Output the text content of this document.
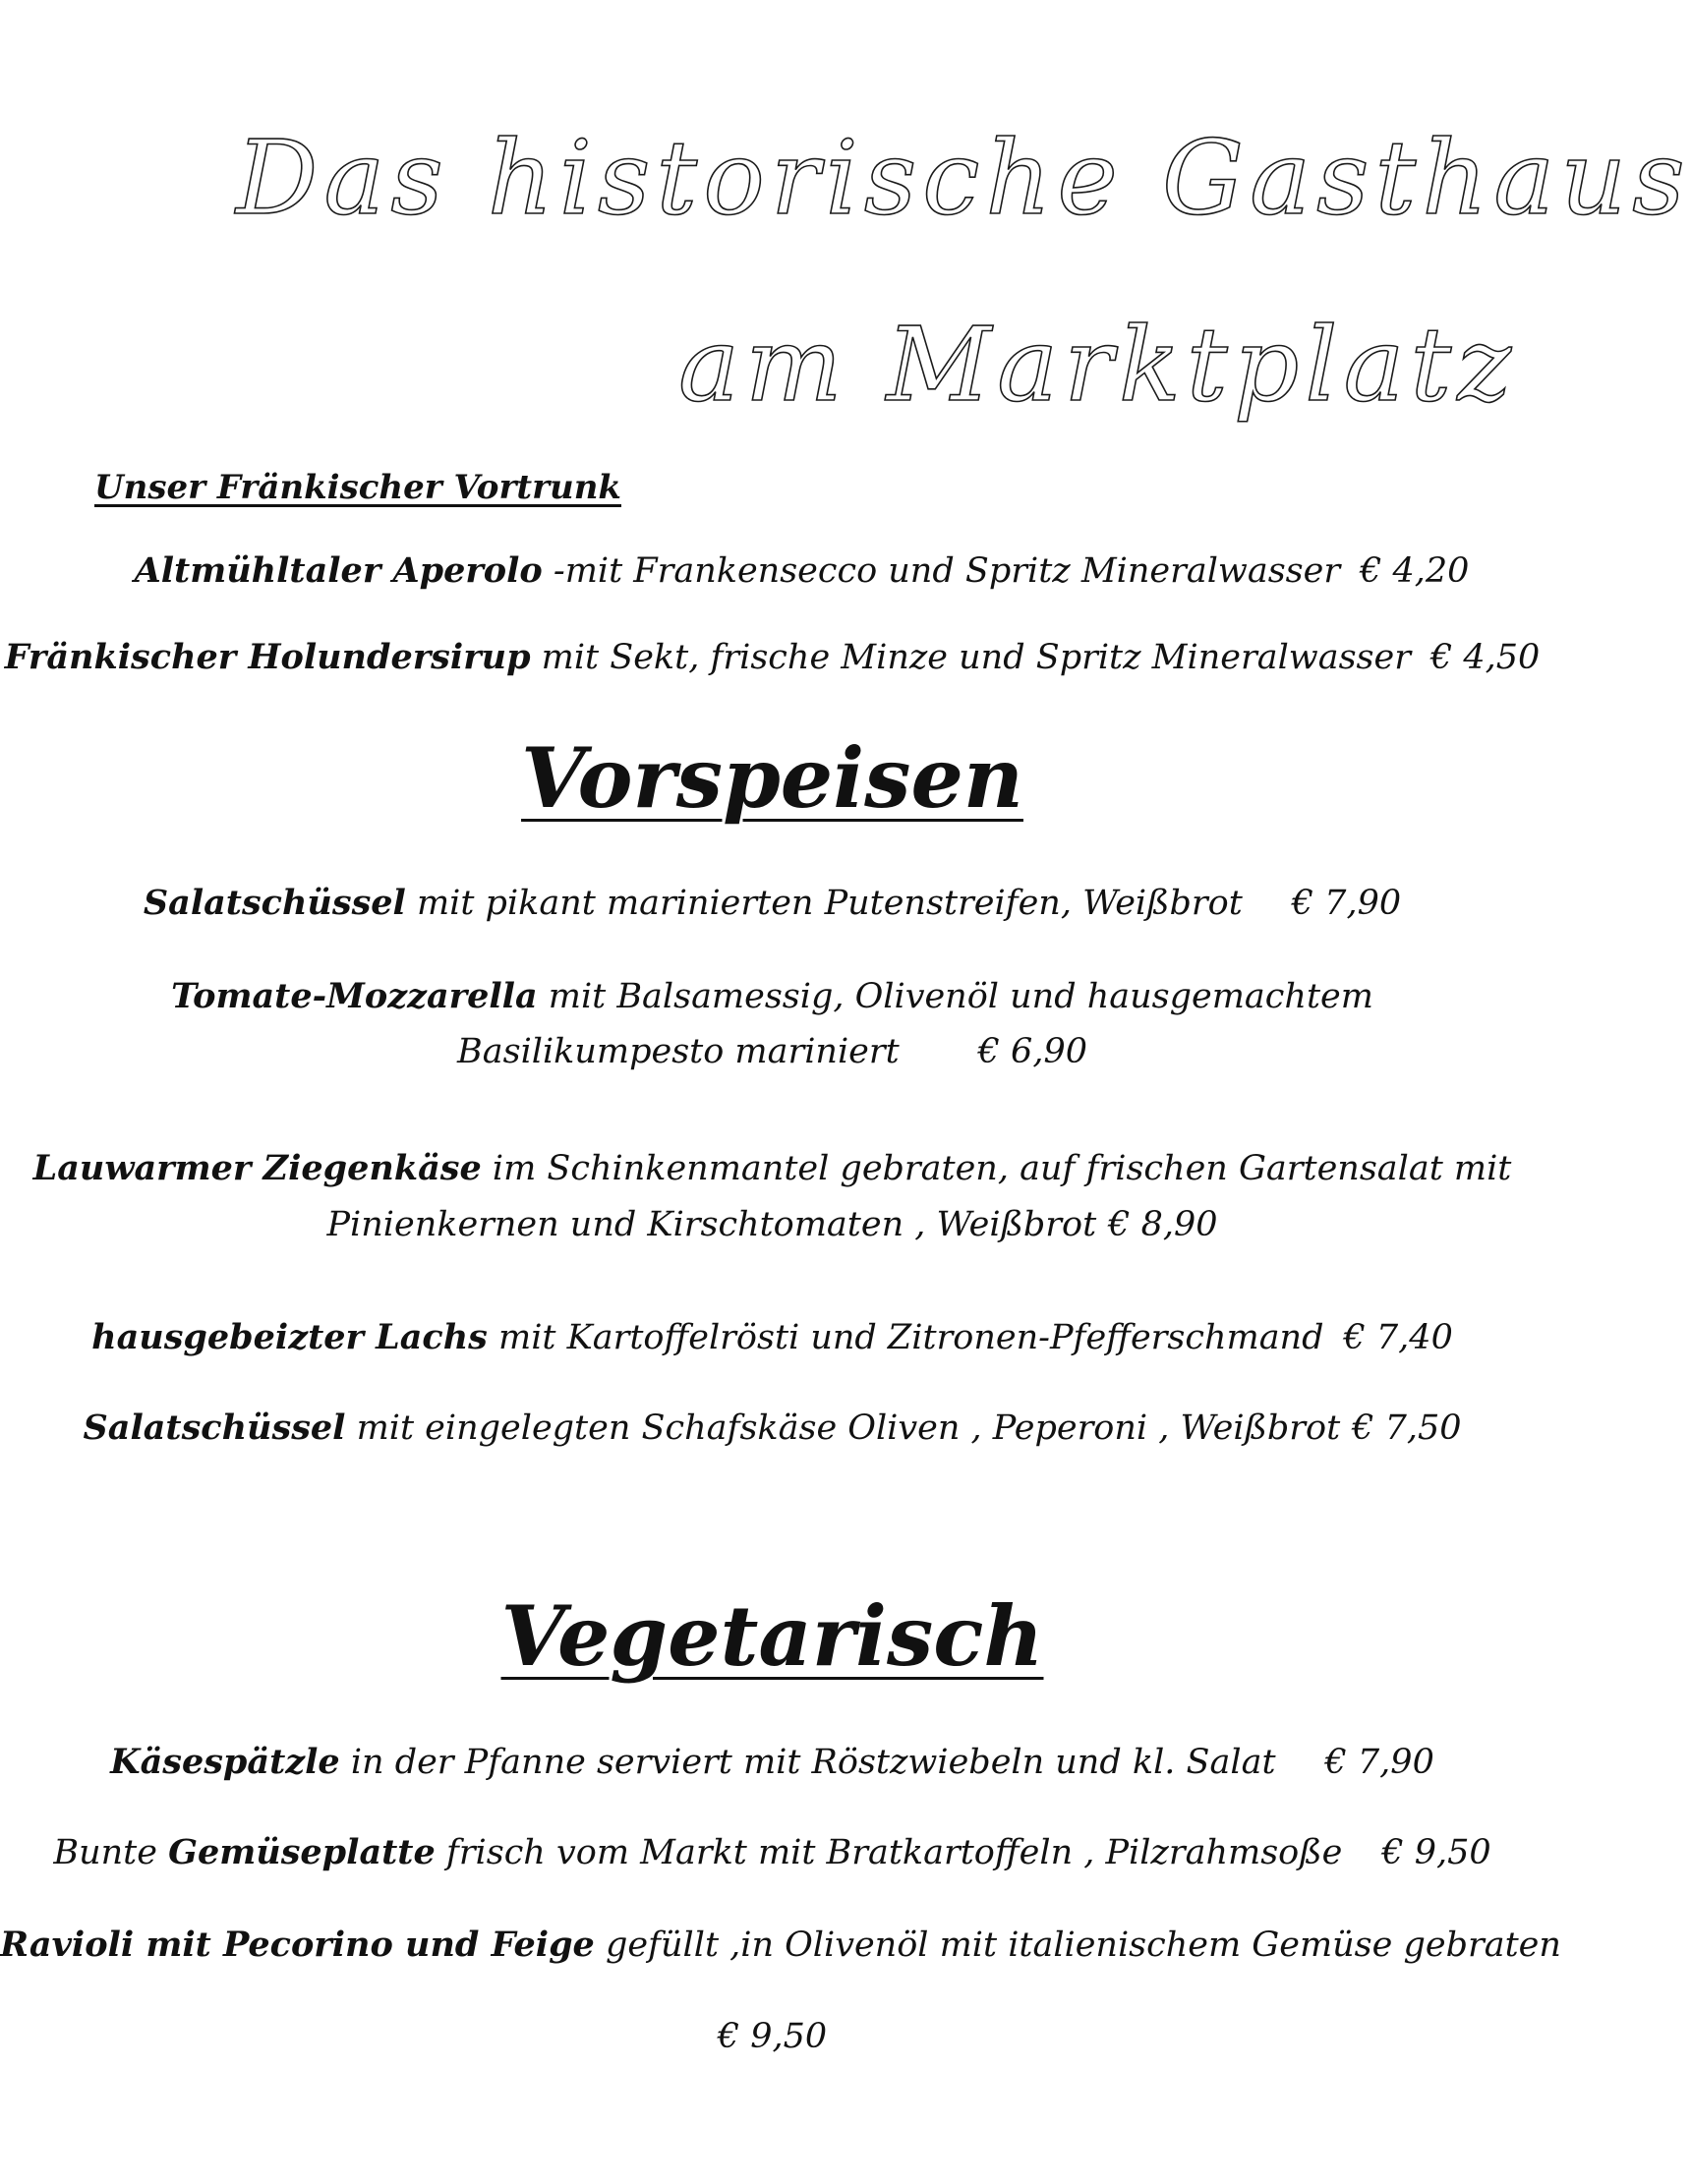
Das historische Gasthaus
am Marktplatz
Unser Fränkischer Vortrunk
Altmühltaler Aperolo -mit Frankensecco und Spritz Mineralwasser € 4,20
Fränkischer Holundersirup mit Sekt, frische Minze und Spritz Mineralwasser € 4,50
Vorspeisen
Salatschüssel mit pikant marinierten Putenstreifen, Weißbrot € 7,90
Tomate-Mozzarella mit Balsamessig, Olivenöl und hausgemachtem
Basilikumpesto mariniert € 6,90
Lauwarmer Ziegenkäse im Schinkenmantel gebraten, auf frischen Gartensalat mit
Pinienkernen und Kirschtomaten , Weißbrot € 8,90
hausgebeizter Lachs mit Kartoffelrösti und Zitronen-Pfefferschmand € 7,40
Salatschüssel mit eingelegten Schafskäse Oliven , Peperoni , Weißbrot € 7,50
Vegetarisch
Käsespätzle in der Pfanne serviert mit Röstzwiebeln und kl. Salat € 7,90
Bunte Gemüseplatte frisch vom Markt mit Bratkartoffeln , Pilzrahmsoße € 9,50
Ravioli mit Pecorino und Feige gefüllt ,in Olivenöl mit italienischem Gemüse gebraten
€ 9,50
